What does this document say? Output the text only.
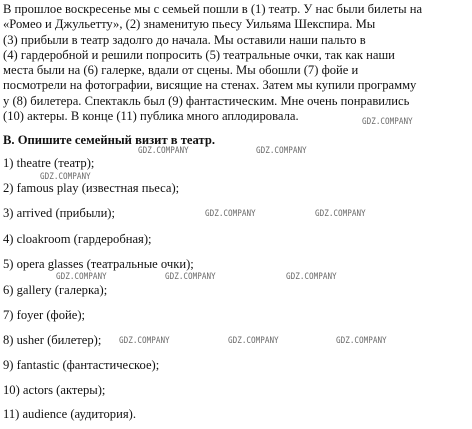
В прошлое воскресенье мы с семьей пошли в (1) театр. У нас были билеты на
«Ромео и Джульетту», (2) знаменитую пьесу Уильяма Шекспира. Мы
(3) прибыли в театр задолго до начала. Мы оставили наши пальто в
(4) гардеробной и решили попросить (5) театральные очки, так как наши
места были на (6) галерке, вдали от сцены. Мы обошли (7) фойе и
посмотрели на фотографии, висящие на стенах. Затем мы купили программу
у (8) билетера. Спектакль был (9) фантастическим. Мне очень понравились
(10) актеры. В конце (11) публика много аплодировала.
B. Опишите семейный визит в театр.
1) theatre (театр);
2) famous play (известная пьеса);
3) arrived (прибыли);
4) cloakroom (гардеробная);
5) opera glasses (театральные очки);
6) gallery (галерка);
7) foyer (фойе);
8) usher (билетер);
9) fantastic (фантастическое);
10) actors (актеры);
11) audience (аудитория).
GDZ.COMPANY
GDZ.COMPANY	GDZ.COMPANY
GDZ.COMPANY
GDZ.COMPANY	GDZ.COMPANY
GDZ.COMPANY	GDZ.COMPANY	GDZ.COMPANY
GDZ.COMPANY	GDZ.COMPANY	GDZ.COMPANY
